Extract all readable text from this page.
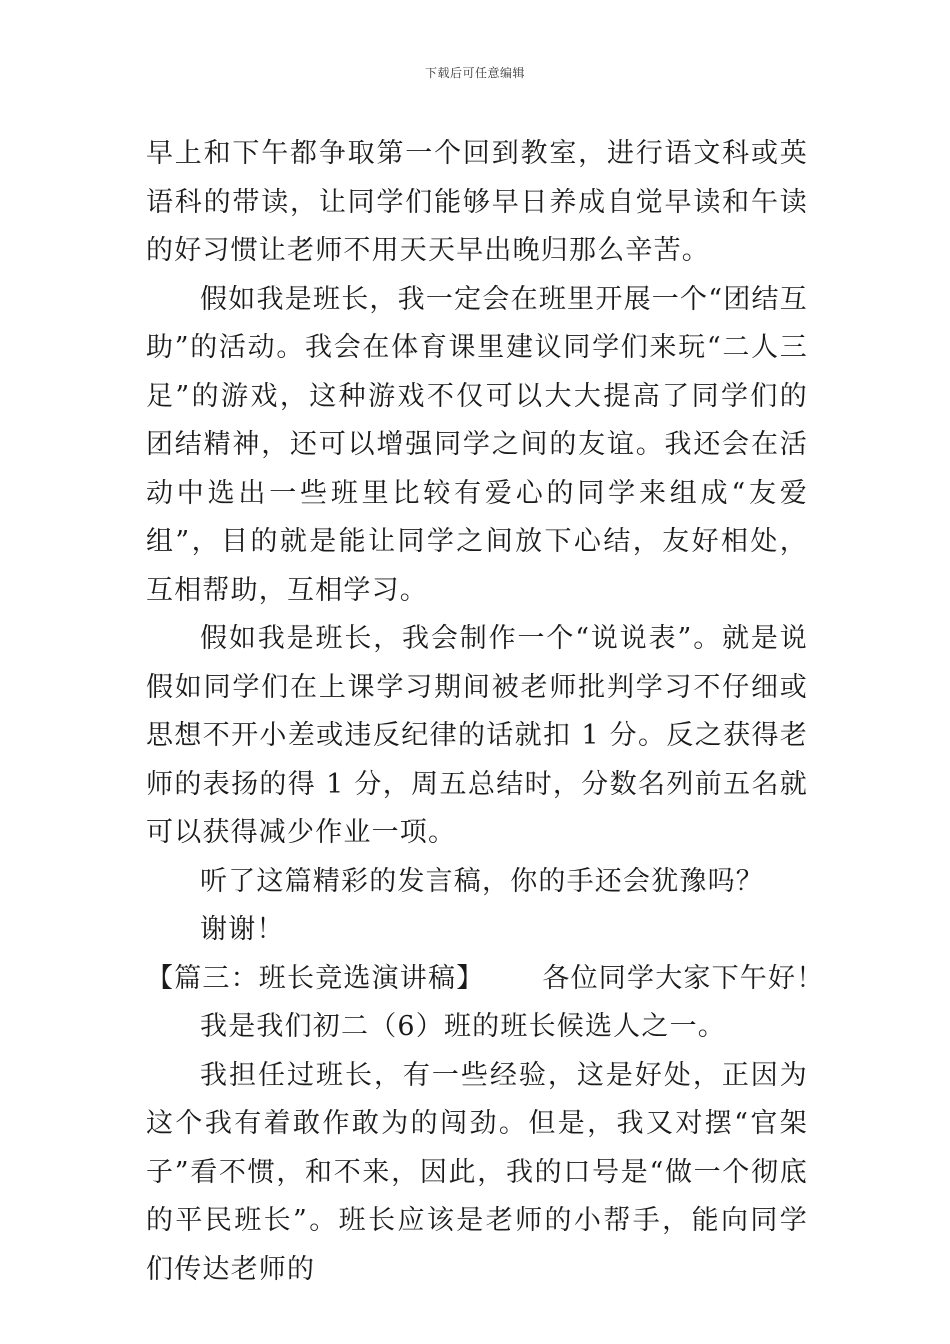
下载后可任意编辑

早上和下午都争取第一个回到教室，进行语文科或英语科的带读，让同学们能够早日养成自觉早读和午读的好习惯让老师不用天天早出晚归那么辛苦。

假如我是班长，我一定会在班里开展一个“团结互助”的活动。我会在体育课里建议同学们来玩“二人三足”的游戏，这种游戏不仅可以大大提高了同学们的团结精神，还可以增强同学之间的友谊。我还会在活动中选出一些班里比较有爱心的同学来组成“友爱组”，目的就是能让同学之间放下心结，友好相处，互相帮助，互相学习。

假如我是班长，我会制作一个“说说表”。就是说假如同学们在上课学习期间被老师批判学习不仔细或思想不开小差或违反纪律的话就扣 1 分。反之获得老师的表扬的得 1 分，周五总结时，分数名列前五名就可以获得减少作业一项。

听了这篇精彩的发言稿，你的手还会犹豫吗？

谢谢！

【篇三：班长竞选演讲稿】 各位同学大家下午好！

我是我们初二（6）班的班长候选人之一。

我担任过班长，有一些经验，这是好处，正因为这个我有着敢作敢为的闯劲。但是，我又对摆“官架子”看不惯，和不来，因此，我的口号是“做一个彻底的平民班长”。班长应该是老师的小帮手，能向同学们传达老师的
